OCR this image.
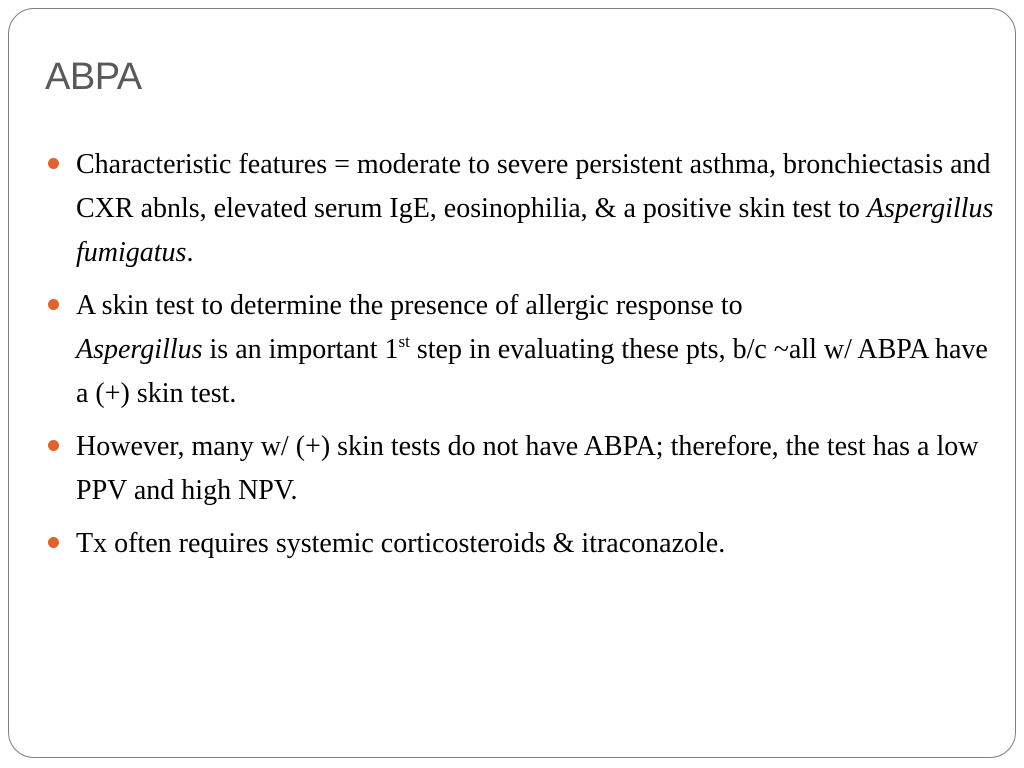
ABPA
Characteristic features = moderate to severe persistent asthma, bronchiectasis and CXR abnls, elevated serum IgE, eosinophilia, & a positive skin test to Aspergillus fumigatus.
A skin test to determine the presence of allergic response to
Aspergillus is an important 1st step in evaluating these pts, b/c ~all w/ ABPA have a (+) skin test.
However, many w/ (+) skin tests do not have ABPA; therefore, the test has a low PPV and high NPV.
Tx often requires systemic corticosteroids & itraconazole.
